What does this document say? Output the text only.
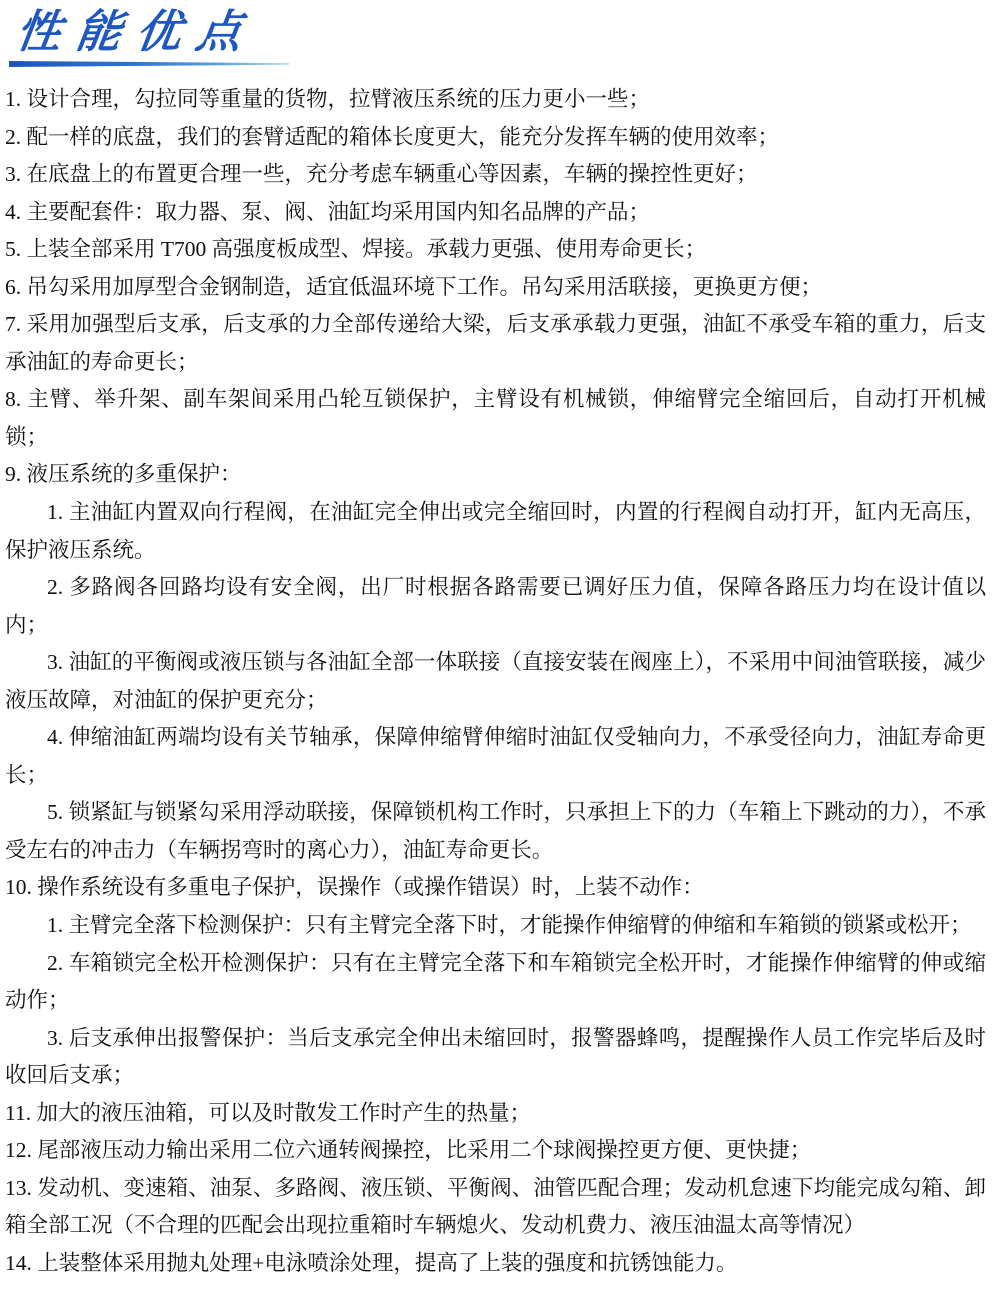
性能优点

1. 设计合理，勾拉同等重量的货物，拉臂液压系统的压力更小一些；

2. 配一样的底盘，我们的套臂适配的箱体长度更大，能充分发挥车辆的使用效率；

3. 在底盘上的布置更合理一些，充分考虑车辆重心等因素，车辆的操控性更好；

4. 主要配套件：取力器、泵、阀、油缸均采用国内知名品牌的产品；

5. 上装全部采用 T700 高强度板成型、焊接。承载力更强、使用寿命更长；

6. 吊勾采用加厚型合金钢制造，适宜低温环境下工作。吊勾采用活联接，更换更方便；

7. 采用加强型后支承，后支承的力全部传递给大梁，后支承承载力更强，油缸不承受车箱的重力，后支承油缸的寿命更长；

8. 主臂、举升架、副车架间采用凸轮互锁保护，主臂设有机械锁，伸缩臂完全缩回后，自动打开机械锁；

9. 液压系统的多重保护：

1. 主油缸内置双向行程阀，在油缸完全伸出或完全缩回时，内置的行程阀自动打开，缸内无高压，保护液压系统。

2. 多路阀各回路均设有安全阀，出厂时根据各路需要已调好压力值，保障各路压力均在设计值以内；

3. 油缸的平衡阀或液压锁与各油缸全部一体联接（直接安装在阀座上），不采用中间油管联接，减少液压故障，对油缸的保护更充分；

4. 伸缩油缸两端均设有关节轴承，保障伸缩臂伸缩时油缸仅受轴向力，不承受径向力，油缸寿命更长；

5. 锁紧缸与锁紧勾采用浮动联接，保障锁机构工作时，只承担上下的力（车箱上下跳动的力），不承受左右的冲击力（车辆拐弯时的离心力），油缸寿命更长。

10. 操作系统设有多重电子保护，误操作（或操作错误）时，上装不动作：

1. 主臂完全落下检测保护：只有主臂完全落下时，才能操作伸缩臂的伸缩和车箱锁的锁紧或松开；

2. 车箱锁完全松开检测保护：只有在主臂完全落下和车箱锁完全松开时，才能操作伸缩臂的伸或缩动作；

3. 后支承伸出报警保护：当后支承完全伸出未缩回时，报警器蜂鸣，提醒操作人员工作完毕后及时收回后支承；

11. 加大的液压油箱，可以及时散发工作时产生的热量；

12. 尾部液压动力输出采用二位六通转阀操控，比采用二个球阀操控更方便、更快捷；

13. 发动机、变速箱、油泵、多路阀、液压锁、平衡阀、油管匹配合理；发动机怠速下均能完成勾箱、卸箱全部工况（不合理的匹配会出现拉重箱时车辆熄火、发动机费力、液压油温太高等情况）

14. 上装整体采用抛丸处理+电泳喷涂处理，提高了上装的强度和抗锈蚀能力。
